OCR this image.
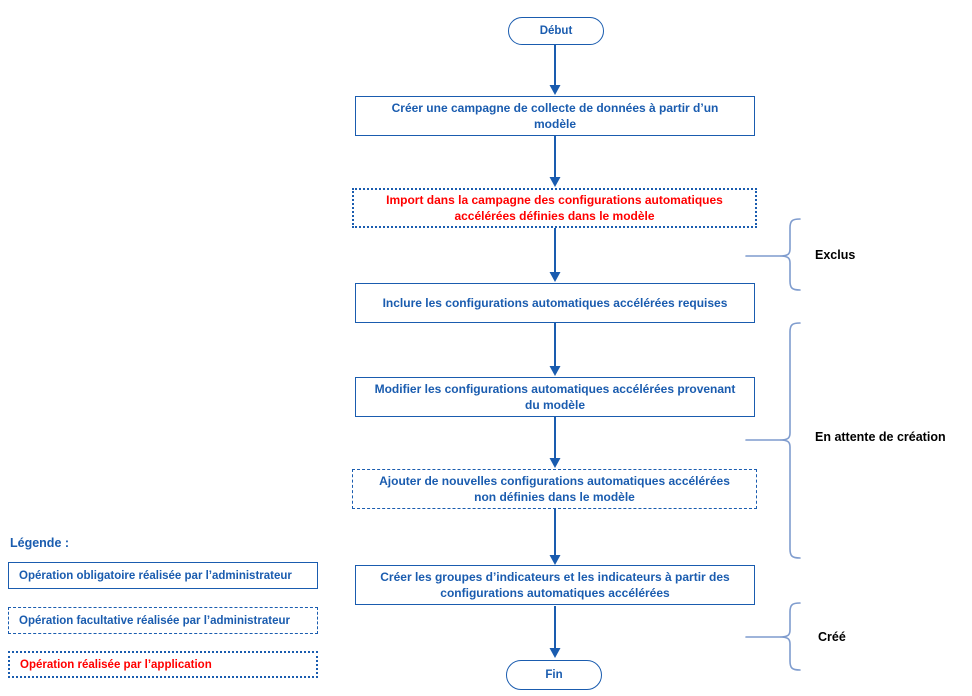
Début
Fin
Créer une campagne de collecte de données à partir d’un modèle
Import dans la campagne des configurations automatiques accélérées définies dans le modèle
Inclure les configurations automatiques accélérées requises
Modifier les configurations automatiques accélérées provenant du modèle
Ajouter de nouvelles configurations automatiques accélérées non définies dans le modèle
Créer les groupes d’indicateurs et les indicateurs à partir des configurations automatiques accélérées
Exclus
En attente de création
Créé
Légende :
Opération obligatoire réalisée par l’administrateur
Opération facultative réalisée par l’administrateur
Opération réalisée par l’application
